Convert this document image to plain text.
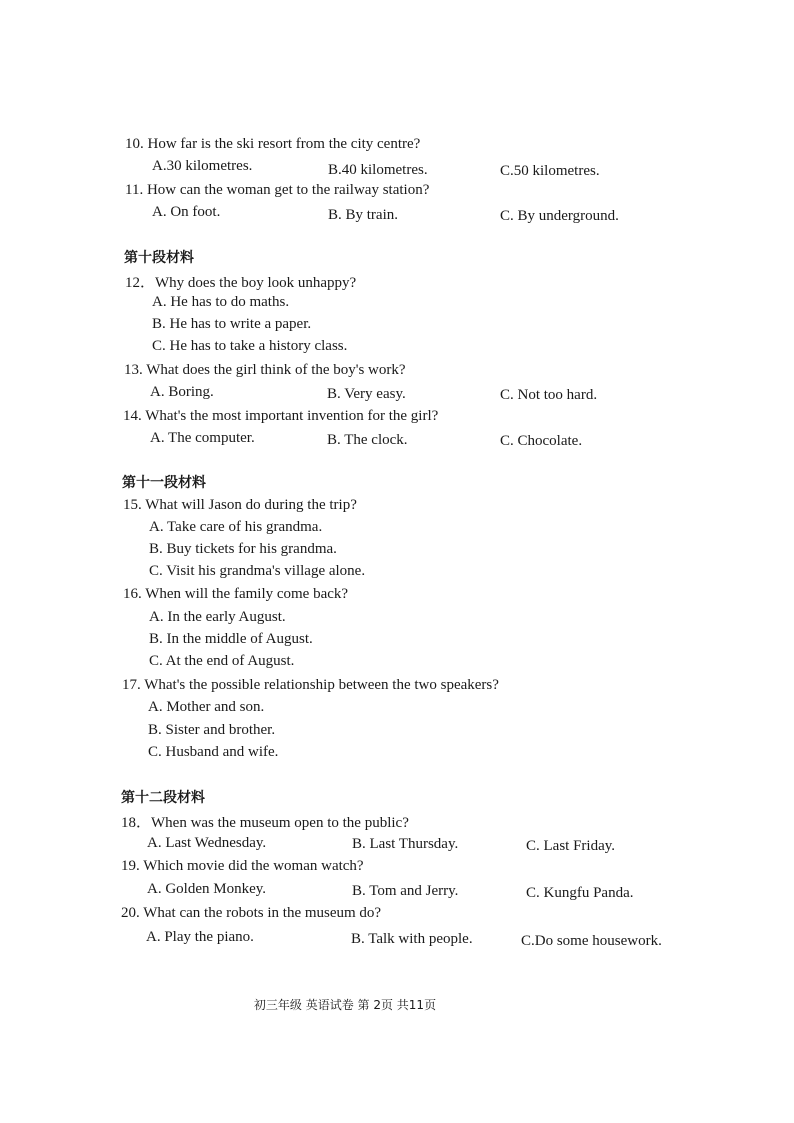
10. How far is the ski resort from the city centre?
A.30 kilometres.	B.40 kilometres.	C.50 kilometres.
11. How can the woman get to the railway station?
A. On foot.	B. By train.	C. By underground.
第十段材料
12．Why does the boy look unhappy?
A. He has to do maths.
B. He has to write a paper.
C. He has to take a history class.
13. What does the girl think of the boy's work?
A. Boring.	B. Very easy.	C. Not too hard.
14. What's the most important invention for the girl?
A. The computer.	B. The clock.	C. Chocolate.
第十一段材料
15. What will Jason do during the trip?
A. Take care of his grandma.
B. Buy tickets for his grandma.
C. Visit his grandma's village alone.
16. When will the family come back?
A. In the early August.
B. In the middle of August.
C. At the end of August.
17. What's the possible relationship between the two speakers?
A. Mother and son.
B. Sister and brother.
C. Husband and wife.
第十二段材料
18．When was the museum open to the public?
A. Last Wednesday.	B. Last Thursday.	C. Last Friday.
19. Which movie did the woman watch?
A. Golden Monkey.	B. Tom and Jerry.	C. Kungfu Panda.
20. What can the robots in the museum do?
A. Play the piano.	B. Talk with people.	C.Do some housework.
初三年级 英语试卷 第 2页 共11页
